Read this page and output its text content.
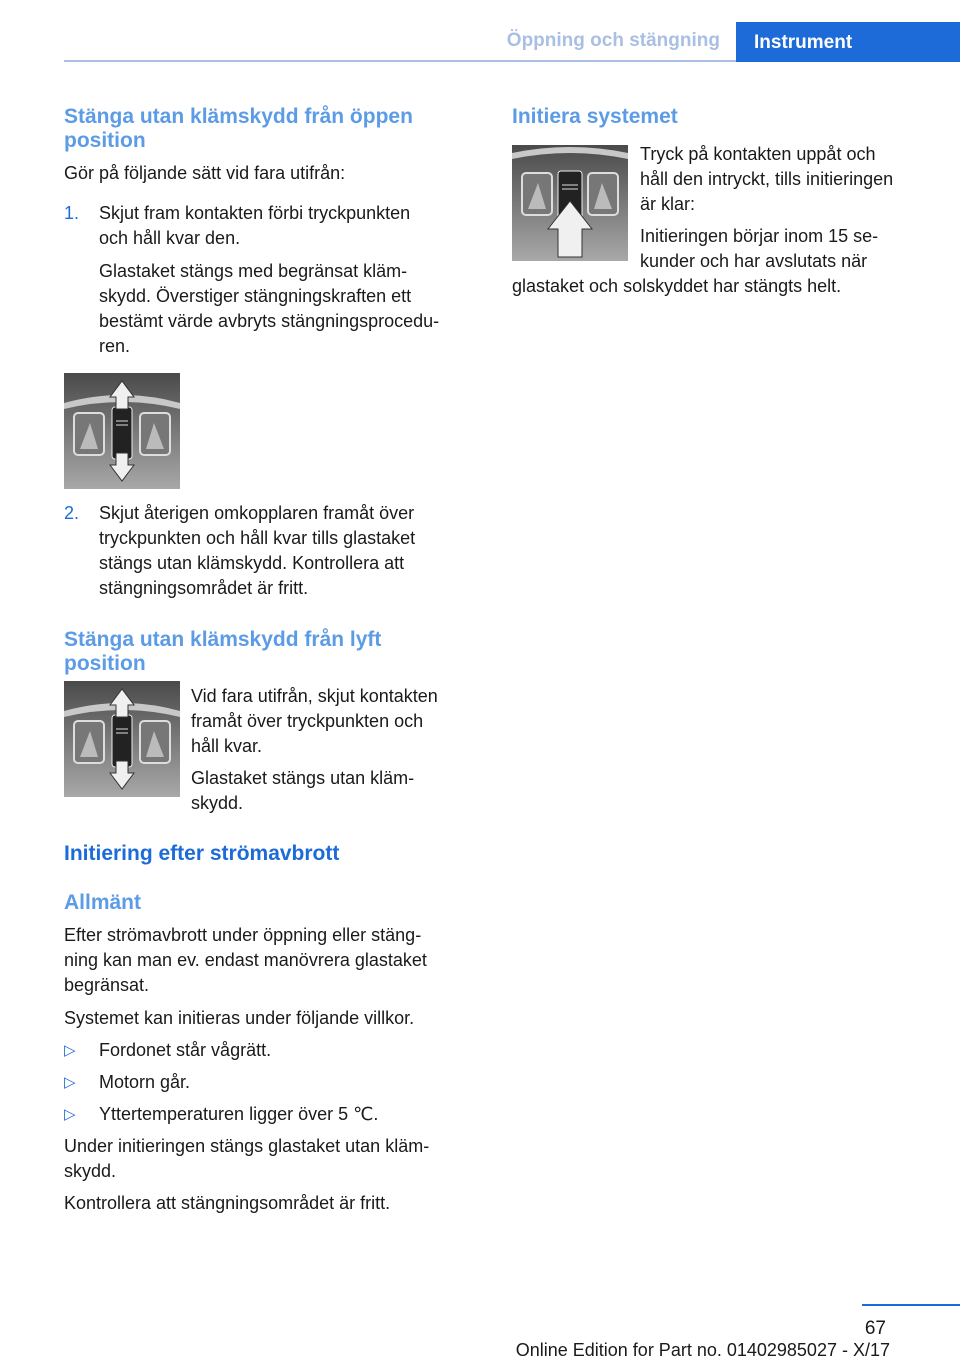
Öppning och stängning Instrument
Stänga utan klämskydd från öppen
position

Gör på följande sätt vid fara utifrån:

1. Skjut fram kontakten förbi tryckpunkten
och håll kvar den.

Glastaket stängs med begränsat kläm-
skydd. Överstiger stängningskraften ett
bestämt värde avbryts stängningsprocedu-
ren.

2. Skjut återigen omkopplaren framåt över
tryckpunkten och håll kvar tills glastaket
stängs utan klämskydd. Kontrollera att
stängningsområdet är fritt.

Stänga utan klämskydd från lyft
position

Vid fara utifrån, skjut kontakten
framåt över tryckpunkten och
håll kvar.

Glastaket stängs utan kläm-
skydd.

Initiering efter strömavbrott
Allmänt

Efter strömavbrott under öppning eller stäng-
ning kan man ev. endast manövrera glastaket
begränsat.

Systemet kan initieras under följande villkor.

▷ Fordonet står vågrätt.

▷ Motorn går.

▷ Yttertemperaturen ligger över 5 ℃.

Under initieringen stängs glastaket utan kläm-
skydd.

Kontrollera att stängningsområdet är fritt.

Initiera systemet

Tryck på kontakten uppåt och
håll den intryckt, tills initieringen
är klar:

Initieringen börjar inom 15 se-
kunder och har avslutats när

glastaket och solskyddet har stängts helt.

67
Online Edition for Part no. 01402985027 - X/17
